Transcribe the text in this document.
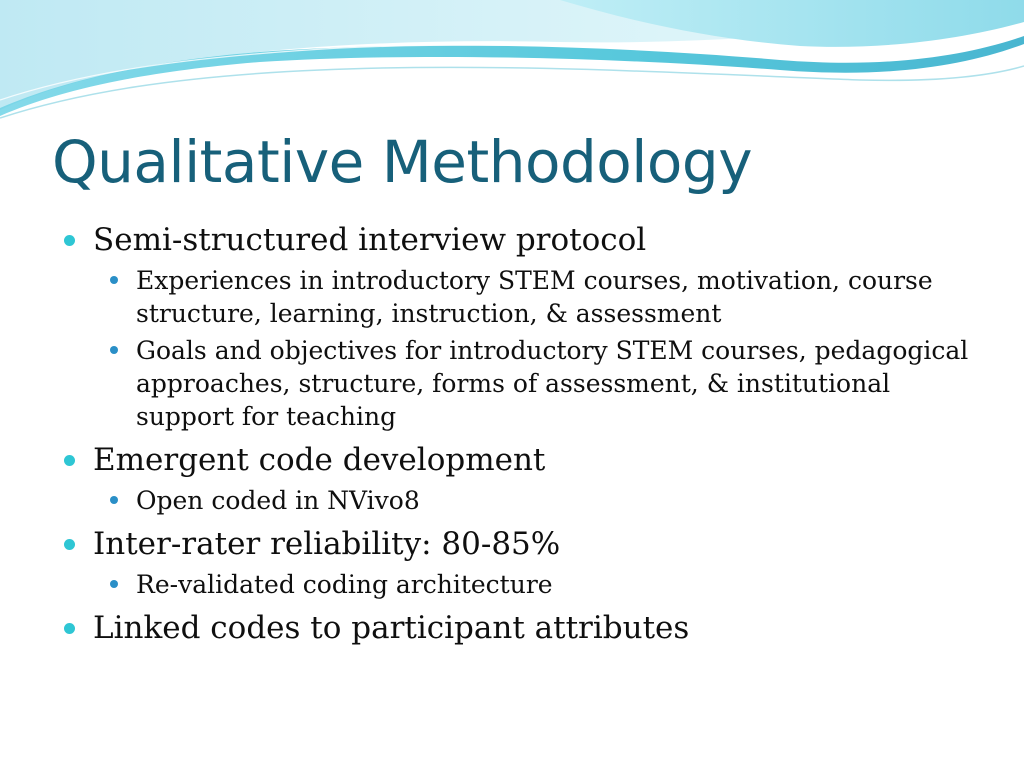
Qualitative Methodology
Semi-structured interview protocol
Experiences in introductory STEM courses, motivation, course structure, learning, instruction, & assessment
Goals and objectives for introductory STEM courses, pedagogical approaches, structure, forms of assessment, & institutional support for teaching
Emergent code development
Open coded in NVivo8
Inter-rater reliability: 80-85%
Re-validated coding architecture
Linked codes to participant attributes
